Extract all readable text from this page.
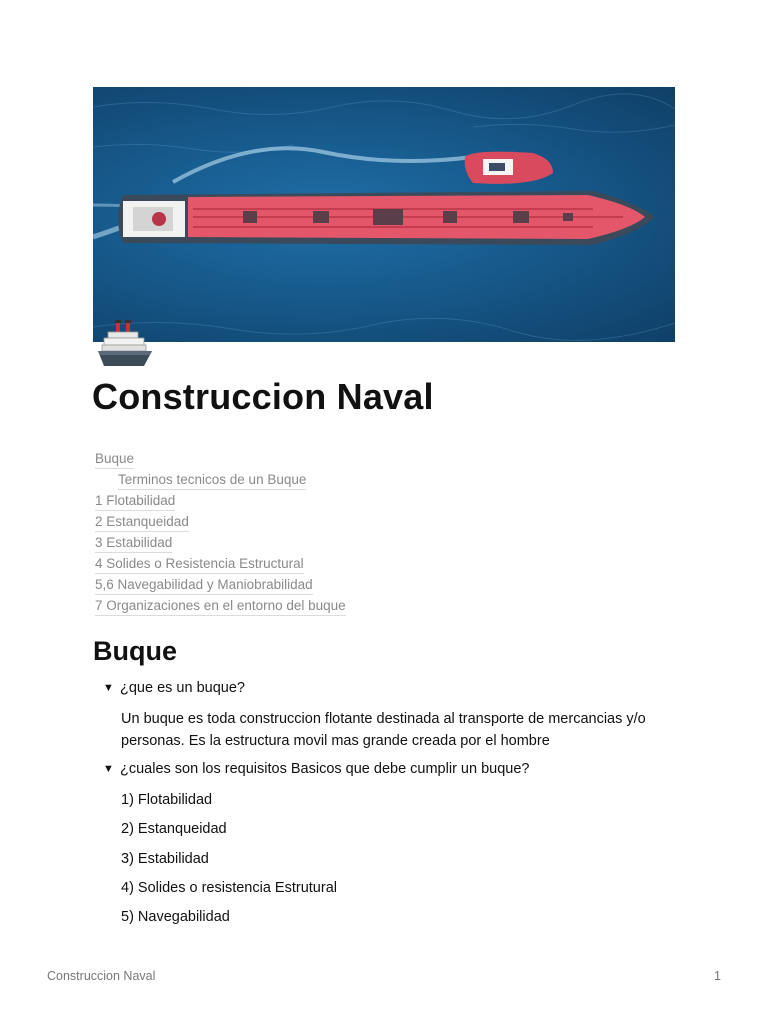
Construccion Naval
Buque
Terminos tecnicos de un Buque
1 Flotabilidad
2 Estanqueidad
3 Estabilidad
4 Solides o Resistencia Estructural
5,6 Navegabilidad y Maniobrabilidad
7 Organizaciones en el entorno del buque
Buque
▼ ¿que es un buque?

Un buque es toda construccion flotante destinada al transporte de mercancias y/o personas. Es la estructura movil mas grande creada por el hombre

▼ ¿cuales son los requisitos Basicos que debe cumplir un buque?

1) Flotabilidad

2) Estanqueidad

3) Estabilidad

4) Solides o resistencia Estrutural

5) Navegabilidad

Construccion Naval	1
